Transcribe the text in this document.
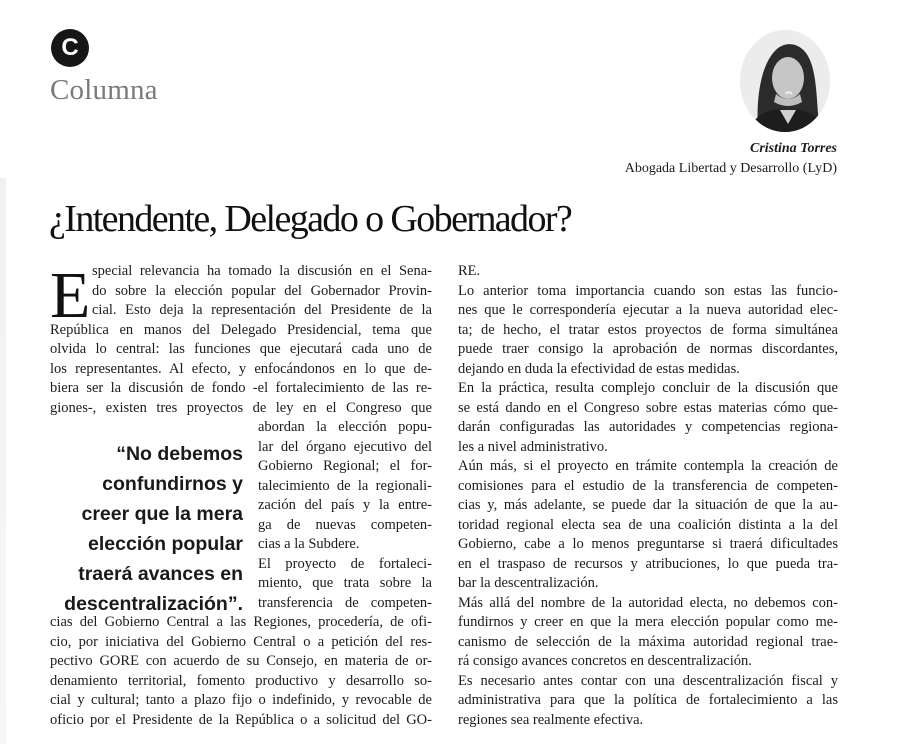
C
Columna
Cristina Torres
Abogada Libertad y Desarrollo (LyD)
¿Intendente, Delegado o Gobernador?
E special relevancia ha tomado la discusión en el Sena-
do sobre la elección popular del Gobernador Provin-
cial. Esto deja la representación del Presidente de la
República en manos del Delegado Presidencial, tema que
olvida lo central: las funciones que ejecutará cada uno de
los representantes. Al efecto, y enfocándonos en lo que de-
biera ser la discusión de fondo -el fortalecimiento de las re-
giones-, existen tres proyectos de ley en el Congreso que
“No debemos
confundirnos y
creer que la mera
elección popular
traerá avances en
descentralización”.
abordan la elección popu-
lar del órgano ejecutivo del
Gobierno Regional; el for-
talecimiento de la regionali-
zación del país y la entre-
ga de nuevas competen-
cias a la Subdere.
El proyecto de fortaleci-
miento, que trata sobre la
transferencia de competen-
cias del Gobierno Central a las Regiones, procedería, de ofi-
cio, por iniciativa del Gobierno Central o a petición del res-
pectivo GORE con acuerdo de su Consejo, en materia de or-
denamiento territorial, fomento productivo y desarrollo so-
cial y cultural; tanto a plazo fijo o indefinido, y revocable de
oficio por el Presidente de la República o a solicitud del GO-
RE.
Lo anterior toma importancia cuando son estas las funcio-
nes que le correspondería ejecutar a la nueva autoridad elec-
ta; de hecho, el tratar estos proyectos de forma simultánea
puede traer consigo la aprobación de normas discordantes,
dejando en duda la efectividad de estas medidas.
En la práctica, resulta complejo concluir de la discusión que
se está dando en el Congreso sobre estas materias cómo que-
darán configuradas las autoridades y competencias regiona-
les a nivel administrativo.
Aún más, si el proyecto en trámite contempla la creación de
comisiones para el estudio de la transferencia de competen-
cias y, más adelante, se puede dar la situación de que la au-
toridad regional electa sea de una coalición distinta a la del
Gobierno, cabe a lo menos preguntarse si traerá dificultades
en el traspaso de recursos y atribuciones, lo que pueda tra-
bar la descentralización.
Más allá del nombre de la autoridad electa, no debemos con-
fundirnos y creer en que la mera elección popular como me-
canismo de selección de la máxima autoridad regional trae-
rá consigo avances concretos en descentralización.
Es necesario antes contar con una descentralización fiscal y
administrativa para que la política de fortalecimiento a las
regiones sea realmente efectiva.
